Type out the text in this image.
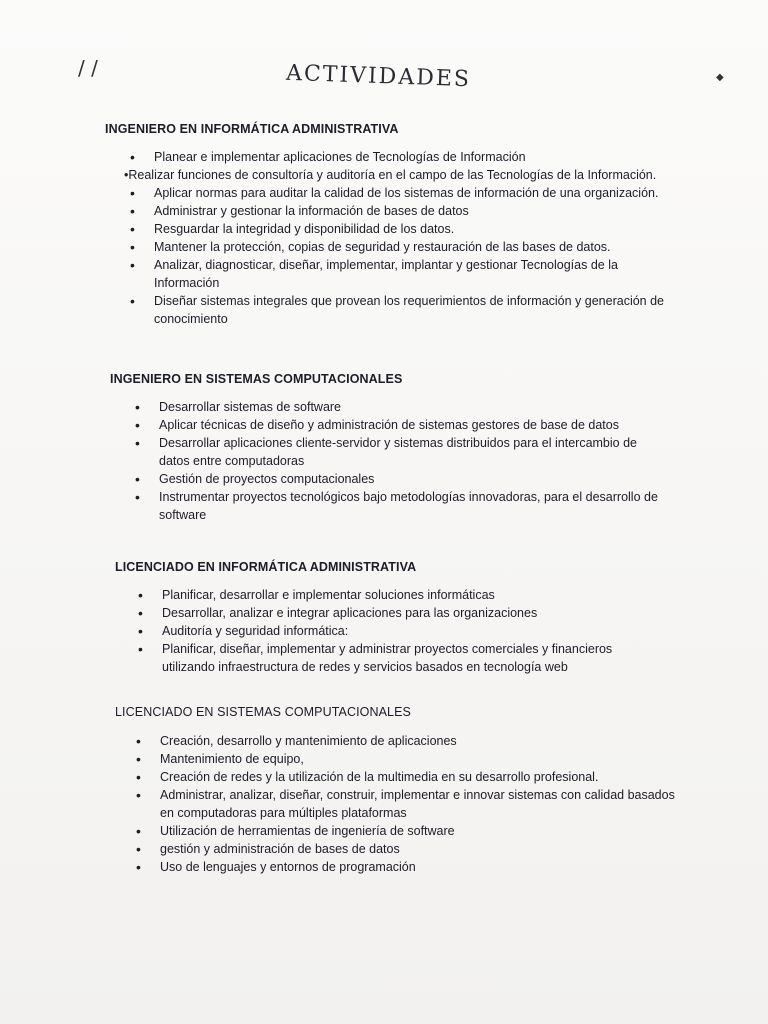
/ /	◆
ACTIVIDADES
INGENIERO EN INFORMÁTICA ADMINISTRATIVA
• Planear e implementar aplicaciones de Tecnologías de Información
•Realizar funciones de consultoría y auditoría en el campo de las Tecnologías de la Información.
• Aplicar normas para auditar la calidad de los sistemas de información de una organización.
• Administrar y gestionar la información de bases de datos
• Resguardar la integridad y disponibilidad de los datos.
• Mantener la protección, copias de seguridad y restauración de las bases de datos.
• Analizar, diagnosticar, diseñar, implementar, implantar y gestionar Tecnologías de la Información
• Diseñar sistemas integrales que provean los requerimientos de información y generación de conocimiento
INGENIERO EN SISTEMAS COMPUTACIONALES
• Desarrollar sistemas de software
• Aplicar técnicas de diseño y administración de sistemas gestores de base de datos
• Desarrollar aplicaciones cliente-servidor y sistemas distribuidos para el intercambio de datos entre computadoras
• Gestión de proyectos computacionales
• Instrumentar proyectos tecnológicos bajo metodologías innovadoras, para el desarrollo de software
LICENCIADO EN INFORMÁTICA ADMINISTRATIVA
• Planificar, desarrollar e implementar soluciones informáticas
• Desarrollar, analizar e integrar aplicaciones para las organizaciones
• Auditoría y seguridad informática:
• Planificar, diseñar, implementar y administrar proyectos comerciales y financieros utilizando infraestructura de redes y servicios basados en tecnología web
LICENCIADO EN SISTEMAS COMPUTACIONALES
• Creación, desarrollo y mantenimiento de aplicaciones
• Mantenimiento de equipo,
• Creación de redes y la utilización de la multimedia en su desarrollo profesional.
• Administrar, analizar, diseñar, construir, implementar e innovar sistemas con calidad basados en computadoras para múltiples plataformas
• Utilización de herramientas de ingeniería de software
• gestión y administración de bases de datos
• Uso de lenguajes y entornos de programación
